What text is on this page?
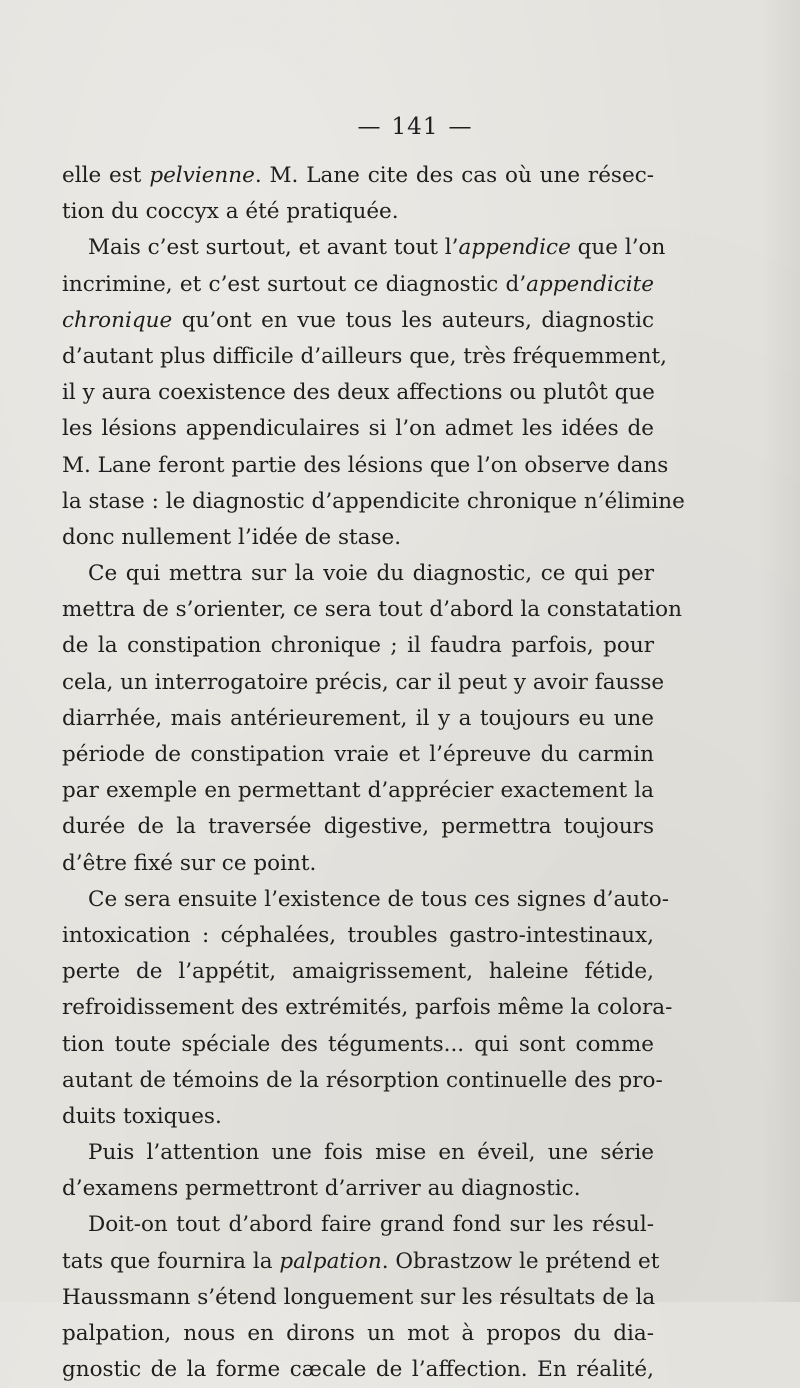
— 141 —
elle est pelvienne. M. Lane cite des cas où une résec-
tion du coccyx a été pratiquée.
Mais c’est surtout, et avant tout l’appendice que l’on
incrimine, et c’est surtout ce diagnostic d’appendicite
chronique qu’ont en vue tous les auteurs, diagnostic
d’autant plus difficile d’ailleurs que, très fréquemment,
il y aura coexistence des deux affections ou plutôt que
les lésions appendiculaires si l’on admet les idées de
M. Lane feront partie des lésions que l’on observe dans
la stase : le diagnostic d’appendicite chronique n’élimine
donc nullement l’idée de stase.
Ce qui mettra sur la voie du diagnostic, ce qui per
mettra de s’orienter, ce sera tout d’abord la constatation
de la constipation chronique ; il faudra parfois, pour
cela, un interrogatoire précis, car il peut y avoir fausse
diarrhée, mais antérieurement, il y a toujours eu une
période de constipation vraie et l’épreuve du carmin
par exemple en permettant d’apprécier exactement la
durée de la traversée digestive, permettra toujours
d’être fixé sur ce point.
Ce sera ensuite l’existence de tous ces signes d’auto-
intoxication : céphalées, troubles gastro-intestinaux,
perte de l’appétit, amaigrissement, haleine fétide,
refroidissement des extrémités, parfois même la colora-
tion toute spéciale des téguments... qui sont comme
autant de témoins de la résorption continuelle des pro-
duits toxiques.
Puis l’attention une fois mise en éveil, une série
d’examens permettront d’arriver au diagnostic.
Doit-on tout d’abord faire grand fond sur les résul-
tats que fournira la palpation. Obrastzow le prétend et
Haussmann s’étend longuement sur les résultats de la
palpation, nous en dirons un mot à propos du dia-
gnostic de la forme cæcale de l’affection. En réalité,
